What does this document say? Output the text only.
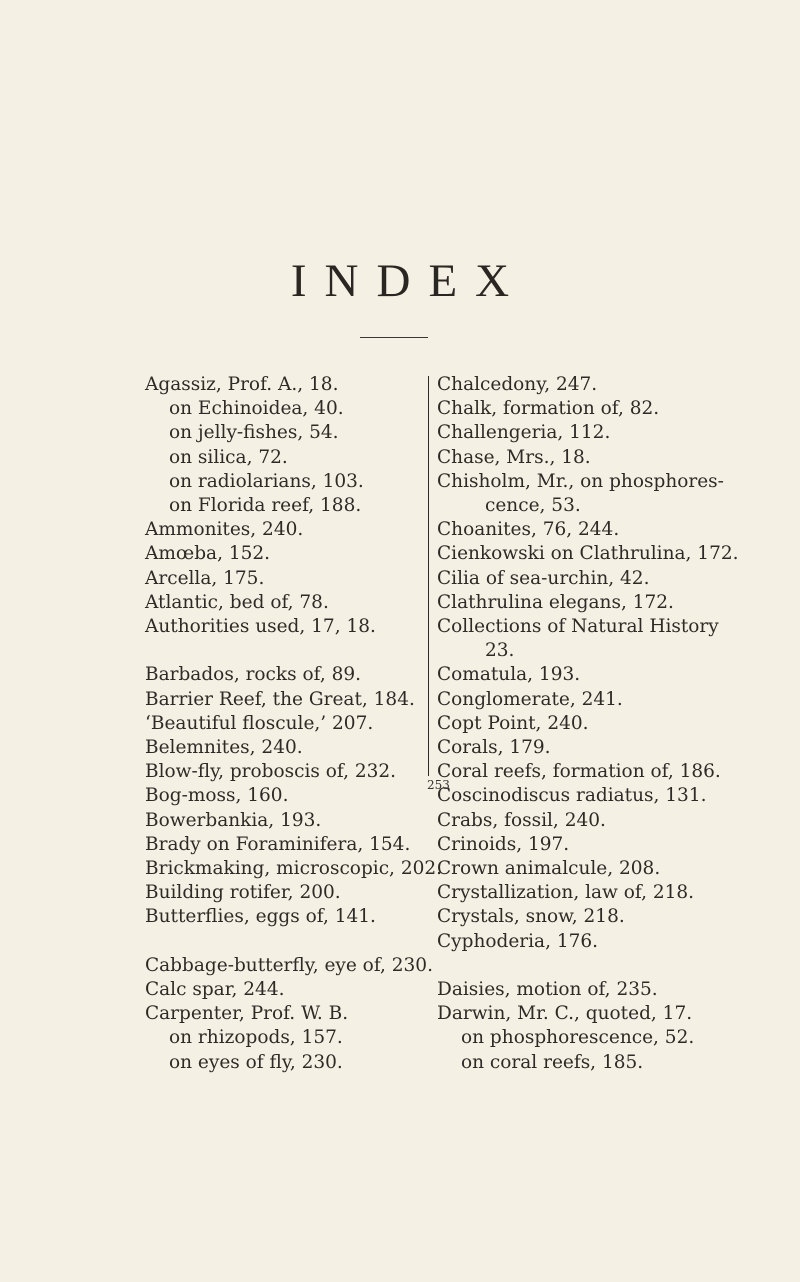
INDEX
Agassiz, Prof. A., 18.
on Echinoidea, 40.
on jelly-fishes, 54.
on silica, 72.
on radiolarians, 103.
on Florida reef, 188.
Ammonites, 240.
Amœba, 152.
Arcella, 175.
Atlantic, bed of, 78.
Authorities used, 17, 18.
Barbados, rocks of, 89.
Barrier Reef, the Great, 184.
‘Beautiful floscule,’ 207.
Belemnites, 240.
Blow-fly, proboscis of, 232.
Bog-moss, 160.
Bowerbankia, 193.
Brady on Foraminifera, 154.
Brickmaking, microscopic, 202.
Building rotifer, 200.
Butterflies, eggs of, 141.
Cabbage-butterfly, eye of, 230.
Calc spar, 244.
Carpenter, Prof. W. B.
on rhizopods, 157.
on eyes of fly, 230.
Chalcedony, 247.
Chalk, formation of, 82.
Challengeria, 112.
Chase, Mrs., 18.
Chisholm, Mr., on phosphores-
cence, 53.
Choanites, 76, 244.
Cienkowski on Clathrulina, 172.
Cilia of sea-urchin, 42.
Clathrulina elegans, 172.
Collections of Natural History
23.
Comatula, 193.
Conglomerate, 241.
Copt Point, 240.
Corals, 179.
Coral reefs, formation of, 186.
Coscinodiscus radiatus, 131.
Crabs, fossil, 240.
Crinoids, 197.
Crown animalcule, 208.
Crystallization, law of, 218.
Crystals, snow, 218.
Cyphoderia, 176.
Daisies, motion of, 235.
Darwin, Mr. C., quoted, 17.
on phosphorescence, 52.
on coral reefs, 185.
253
